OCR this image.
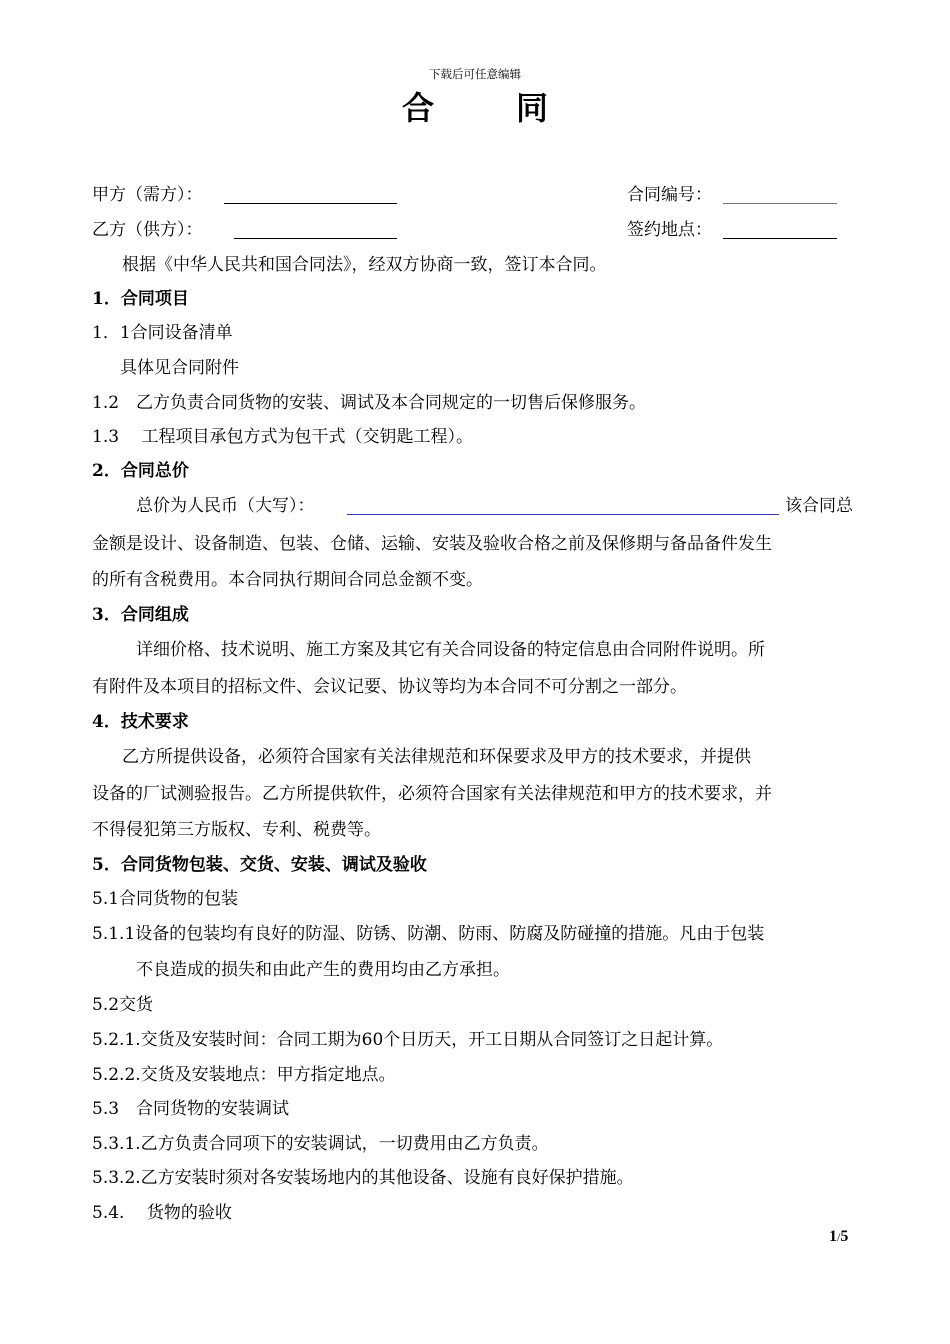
下载后可任意编辑
合同
甲方（需方）：	合同编号：
乙方（供方）：	签约地点：
根据《中华人民共和国合同法》，经双方协商一致，签订本合同。
1．合同项目
1．1合同设备清单
具体见合同附件
1.2　乙方负责合同货物的安装、调试及本合同规定的一切售后保修服务。
1.3　 工程项目承包方式为包干式（交钥匙工程）。
2．合同总价
总价为人民币（大写）：	该合同总
金额是设计、设备制造、包装、仓储、运输、安装及验收合格之前及保修期与备品备件发生
的所有含税费用。本合同执行期间合同总金额不变。
3．合同组成
详细价格、技术说明、施工方案及其它有关合同设备的特定信息由合同附件说明。所
有附件及本项目的招标文件、会议记要、协议等均为本合同不可分割之一部分。
4．技术要求
乙方所提供设备，必须符合国家有关法律规范和环保要求及甲方的技术要求，并提供
设备的厂试测验报告。乙方所提供软件，必须符合国家有关法律规范和甲方的技术要求，并
不得侵犯第三方版权、专利、税费等。
5．合同货物包装、交货、安装、调试及验收
5.1合同货物的包装
5.1.1设备的包装均有良好的防湿、防锈、防潮、防雨、防腐及防碰撞的措施。凡由于包装
不良造成的损失和由此产生的费用均由乙方承担。
5.2交货
5.2.1.交货及安装时间：合同工期为60个日历天，开工日期从合同签订之日起计算。
5.2.2.交货及安装地点：甲方指定地点。
5.3　合同货物的安装调试
5.3.1.乙方负责合同项下的安装调试，一切费用由乙方负责。
5.3.2.乙方安装时须对各安装场地内的其他设备、设施有良好保护措施。
5.4.　 货物的验收
1/5
